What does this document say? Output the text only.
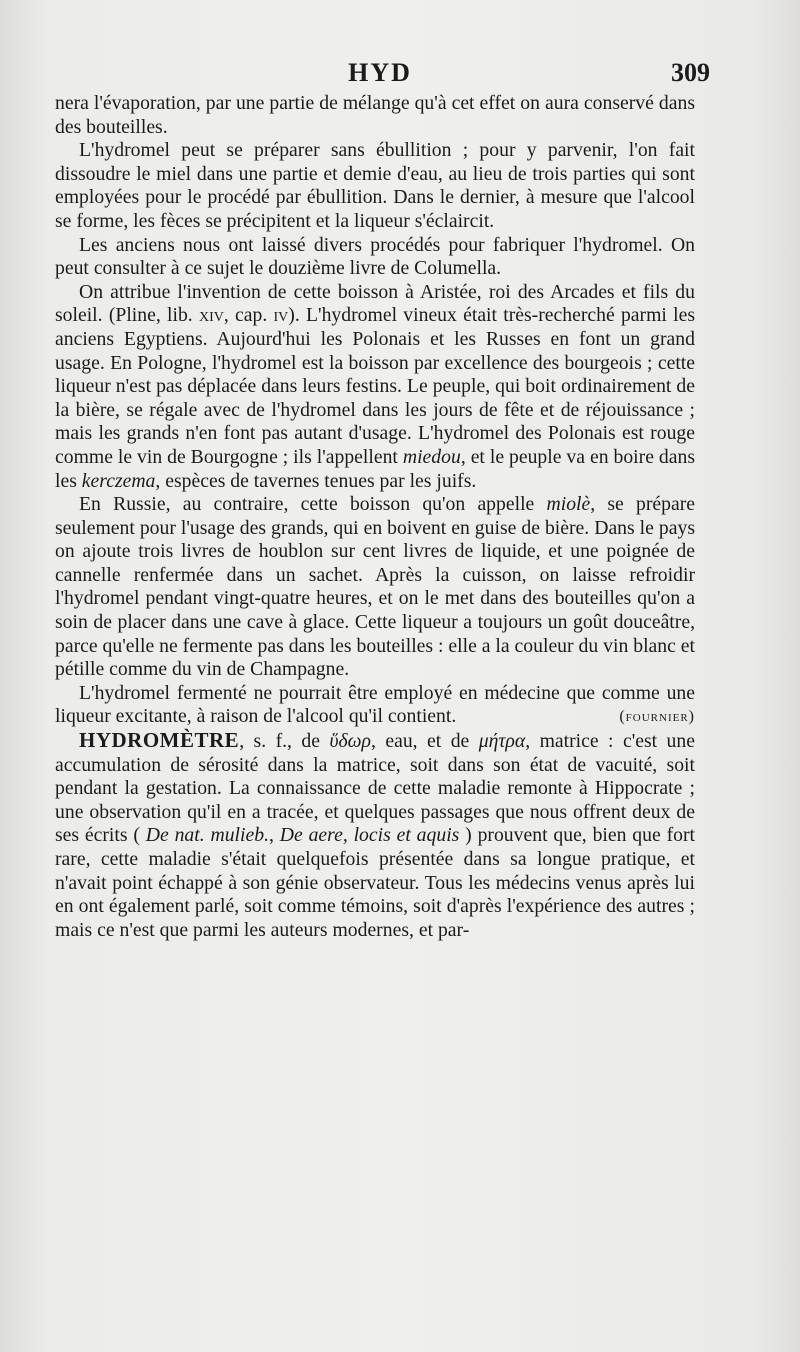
HYD	309

nera l'évaporation, par une partie de mélange qu'à cet effet on aura conservé dans des bouteilles.

L'hydromel peut se préparer sans ébullition ; pour y parvenir, l'on fait dissoudre le miel dans une partie et demie d'eau, au lieu de trois parties qui sont employées pour le procédé par ébullition. Dans le dernier, à mesure que l'alcool se forme, les fèces se précipitent et la liqueur s'éclaircit.

Les anciens nous ont laissé divers procédés pour fabriquer l'hydromel. On peut consulter à ce sujet le douzième livre de Columella.

On attribue l'invention de cette boisson à Aristée, roi des Arcades et fils du soleil. (Pline, lib. xiv, cap. iv). L'hydromel vineux était très-recherché parmi les anciens Egyptiens. Aujourd'hui les Polonais et les Russes en font un grand usage. En Pologne, l'hydromel est la boisson par excellence des bourgeois ; cette liqueur n'est pas déplacée dans leurs festins. Le peuple, qui boit ordinairement de la bière, se régale avec de l'hydromel dans les jours de fête et de réjouissance ; mais les grands n'en font pas autant d'usage. L'hydromel des Polonais est rouge comme le vin de Bourgogne ; ils l'appellent miedou, et le peuple va en boire dans les kerczema, espèces de tavernes tenues par les juifs.

En Russie, au contraire, cette boisson qu'on appelle miolè, se prépare seulement pour l'usage des grands, qui en boivent en guise de bière. Dans le pays on ajoute trois livres de houblon sur cent livres de liquide, et une poignée de cannelle renfermée dans un sachet. Après la cuisson, on laisse refroidir l'hydromel pendant vingt-quatre heures, et on le met dans des bouteilles qu'on a soin de placer dans une cave à glace. Cette liqueur a toujours un goût douceâtre, parce qu'elle ne fermente pas dans les bouteilles : elle a la couleur du vin blanc et pétille comme du vin de Champagne.

L'hydromel fermenté ne pourrait être employé en médecine que comme une liqueur excitante, à raison de l'alcool qu'il contient.	(fournier)

HYDROMÈTRE, s. f., de ὕδωρ, eau, et de μήτρα, matrice : c'est une accumulation de sérosité dans la matrice, soit dans son état de vacuité, soit pendant la gestation. La connaissance de cette maladie remonte à Hippocrate ; une observation qu'il en a tracée, et quelques passages que nous offrent deux de ses écrits ( De nat. mulieb., De aere, locis et aquis ) prouvent que, bien que fort rare, cette maladie s'était quelquefois présentée dans sa longue pratique, et n'avait point échappé à son génie observateur. Tous les médecins venus après lui en ont également parlé, soit comme témoins, soit d'après l'expérience des autres ; mais ce n'est que parmi les auteurs modernes, et par-
